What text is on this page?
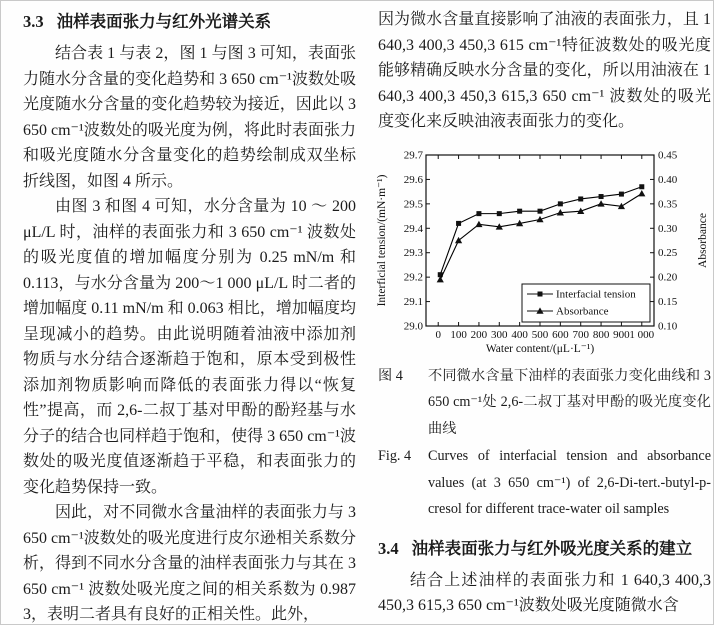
3.3 油样表面张力与红外光谱关系

结合表 1 与表 2，图 1 与图 3 可知，表面张力随水分含量的变化趋势和 3 650 cm⁻¹波数处吸光度随水分含量的变化趋势较为接近，因此以 3 650 cm⁻¹波数处的吸光度为例，将此时表面张力和吸光度随水分含量变化的趋势绘制成双坐标折线图，如图 4 所示。

由图 3 和图 4 可知，水分含量为 10 ～ 200 μL/L 时，油样的表面张力和 3 650 cm⁻¹ 波数处的吸光度值的增加幅度分别为 0.25 mN/m 和 0.113，与水分含量为 200～1 000 μL/L 时二者的增加幅度 0.11 mN/m 和 0.063 相比，增加幅度均呈现减小的趋势。由此说明随着油液中添加剂物质与水分结合逐渐趋于饱和，原本受到极性添加剂物质影响而降低的表面张力得以“恢复性”提高，而 2,6-二叔丁基对甲酚的酚羟基与水分子的结合也同样趋于饱和，使得 3 650 cm⁻¹波数处的吸光度值逐渐趋于平稳，和表面张力的变化趋势保持一致。

因此，对不同微水含量油样的表面张力与 3 650 cm⁻¹波数处的吸光度进行皮尔逊相关系数分析，得到不同水分含量的油样表面张力与其在 3 650 cm⁻¹ 波数处吸光度之间的相关系数为 0.987 3，表明二者具有良好的正相关性。此外，

因为微水含量直接影响了油液的表面张力，且 1 640,3 400,3 450,3 615 cm⁻¹特征波数处的吸光度能够精确反映水分含量的变化，所以用油液在 1 640,3 400,3 450,3 615,3 650 cm⁻¹ 波数处的吸光度变化来反映油液表面张力的变化。

0 100 200 300 400 500 600 700 800 900 1 000
Water content/(μL·L⁻¹)
29.0
29.1
29.2
29.3
29.4
29.5
29.6
29.7
Interficial tension/(mN·m⁻¹)
0.10
0.15
0.20
0.25
0.30
0.35
0.40
0.45
Absorbance
Interfacial tension
Absorbance
图 4	不同微水含量下油样的表面张力变化曲线和 3 650 cm⁻¹处 2,6-二叔丁基对甲酚的吸光度变化曲线
Fig. 4	Curves of interfacial tension and absorbance values (at 3 650 cm⁻¹) of 2,6-Di-tert.-butyl-p-cresol for different trace-water oil samples
3.4 油样表面张力与红外吸光度关系的建立

结合上述油样的表面张力和 1 640,3 400,3 450,3 615,3 650 cm⁻¹波数处吸光度随微水含
